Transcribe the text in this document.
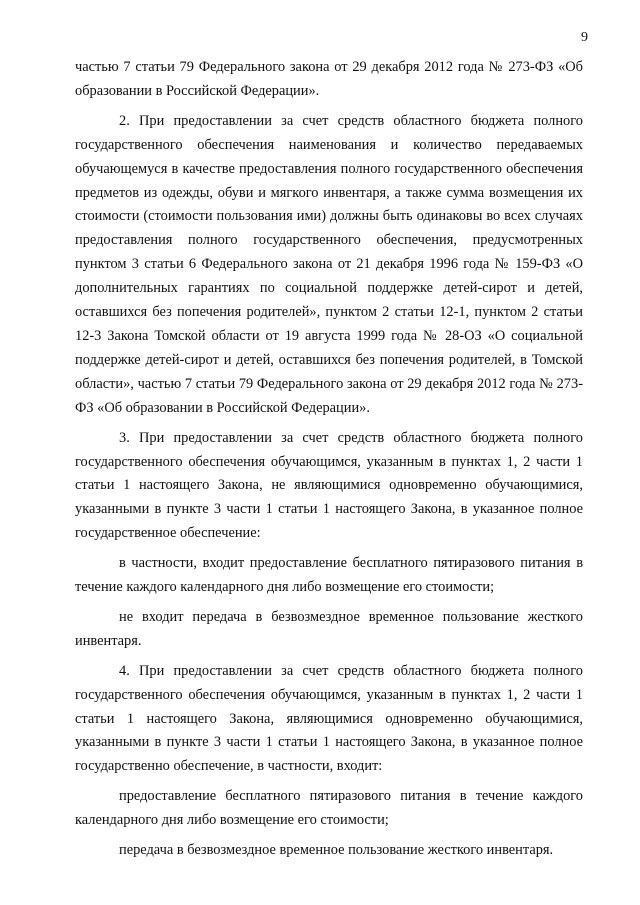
9

частью 7 статьи 79 Федерального закона от 29 декабря 2012 года № 273-ФЗ «Об образовании в Российской Федерации».

2. При предоставлении за счет средств областного бюджета полного государственного обеспечения наименования и количество передаваемых обучающемуся в качестве предоставления полного государственного обеспечения предметов из одежды, обуви и мягкого инвентаря, а также сумма возмещения их стоимости (стоимости пользования ими) должны быть одинаковы во всех случаях предоставления полного государственного обеспечения, предусмотренных пунктом 3 статьи 6 Федерального закона от 21 декабря 1996 года № 159-ФЗ «О дополнительных гарантиях по социальной поддержке детей-сирот и детей, оставшихся без попечения родителей», пунктом 2 статьи 12-1, пунктом 2 статьи 12-3 Закона Томской области от 19 августа 1999 года № 28-ОЗ «О социальной поддержке детей-сирот и детей, оставшихся без попечения родителей, в Томской области», частью 7 статьи 79 Федерального закона от 29 декабря 2012 года № 273-ФЗ «Об образовании в Российской Федерации».

3. При предоставлении за счет средств областного бюджета полного государственного обеспечения обучающимся, указанным в пунктах 1, 2 части 1 статьи 1 настоящего Закона, не являющимися одновременно обучающимися, указанными в пункте 3 части 1 статьи 1 настоящего Закона, в указанное полное государственное обеспечение:

в частности, входит предоставление бесплатного пятиразового питания в течение каждого календарного дня либо возмещение его стоимости;

не входит передача в безвозмездное временное пользование жесткого инвентаря.

4. При предоставлении за счет средств областного бюджета полного государственного обеспечения обучающимся, указанным в пунктах 1, 2 части 1 статьи 1 настоящего Закона, являющимися одновременно обучающимися, указанными в пункте 3 части 1 статьи 1 настоящего Закона, в указанное полное государственно обеспечение, в частности, входит:

предоставление бесплатного пятиразового питания в течение каждого календарного дня либо возмещение его стоимости;

передача в безвозмездное временное пользование жесткого инвентаря.
